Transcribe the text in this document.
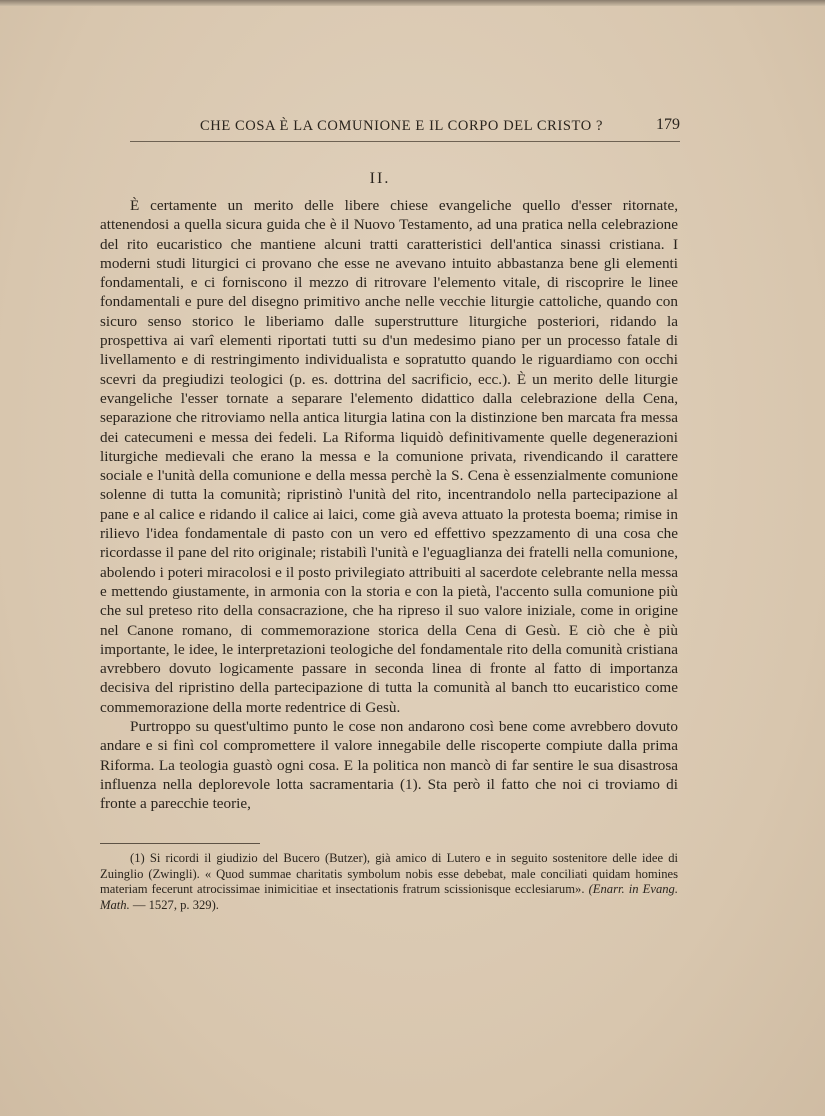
CHE COSA È LA COMUNIONE E IL CORPO DEL CRISTO ?	179
II.

È certamente un merito delle libere chiese evangeliche quello d'esser ritornate, attenendosi a quella sicura guida che è il Nuovo Testamento, ad una pratica nella celebrazione del rito eucaristico che mantiene alcuni tratti caratteristici dell'antica sinassi cristiana. I moderni studi liturgici ci provano che esse ne avevano intuito abbastanza bene gli elementi fondamentali, e ci forniscono il mezzo di ritrovare l'elemento vitale, di riscoprire le linee fondamentali e pure del disegno primitivo anche nelle vecchie liturgie cattoliche, quando con sicuro senso storico le liberiamo dalle superstrutture liturgiche posteriori, ridando la prospettiva ai varî elementi riportati tutti su d'un medesimo piano per un processo fatale di livellamento e di restringimento individualista e sopratutto quando le riguardiamo con occhi scevri da pregiudizi teologici (p. es. dottrina del sacrificio, ecc.). È un merito delle liturgie evangeliche l'esser tornate a separare l'elemento didattico dalla celebrazione della Cena, separazione che ritroviamo nella antica liturgia latina con la distinzione ben marcata fra messa dei catecumeni e messa dei fedeli. La Riforma liquidò definitivamente quelle degenerazioni liturgiche medievali che erano la messa e la comunione privata, rivendicando il carattere sociale e l'unità della comunione e della messa perchè la S. Cena è essenzialmente comunione solenne di tutta la comunità; ripristinò l'unità del rito, incentrandolo nella partecipazione al pane e al calice e ridando il calice ai laici, come già aveva attuato la protesta boema; rimise in rilievo l'idea fondamentale di pasto con un vero ed effettivo spezzamento di una cosa che ricordasse il pane del rito originale; ristabilì l'unità e l'eguaglianza dei fratelli nella comunione, abolendo i poteri miracolosi e il posto privilegiato attribuiti al sacerdote celebrante nella messa e mettendo giustamente, in armonia con la storia e con la pietà, l'accento sulla comunione più che sul preteso rito della consacrazione, che ha ripreso il suo valore iniziale, come in origine nel Canone romano, di commemorazione storica della Cena di Gesù. E ciò che è più importante, le idee, le interpretazioni teologiche del fondamentale rito della comunità cristiana avrebbero dovuto logicamente passare in seconda linea di fronte al fatto di importanza decisiva del ripristino della partecipazione di tutta la comunità al banch tto eucaristico come commemorazione della morte redentrice di Gesù.

Purtroppo su quest'ultimo punto le cose non andarono così bene come avrebbero dovuto andare e si finì col compromettere il valore innegabile delle riscoperte compiute dalla prima Riforma. La teologia guastò ogni cosa. E la politica non mancò di far sentire le sua disastrosa influenza nella deplorevole lotta sacramentaria (1). Sta però il fatto che noi ci troviamo di fronte a parecchie teorie,

(1) Si ricordi il giudizio del Bucero (Butzer), già amico di Lutero e in seguito sostenitore delle idee di Zuinglio (Zwingli). « Quod summae charitatis symbolum nobis esse debebat, male conciliati quidam homines materiam fecerunt atrocissimae inimicitiae et insectationis fratrum scissionisque ecclesiarum». (Enarr. in Evang. Math. — 1527, p. 329).
